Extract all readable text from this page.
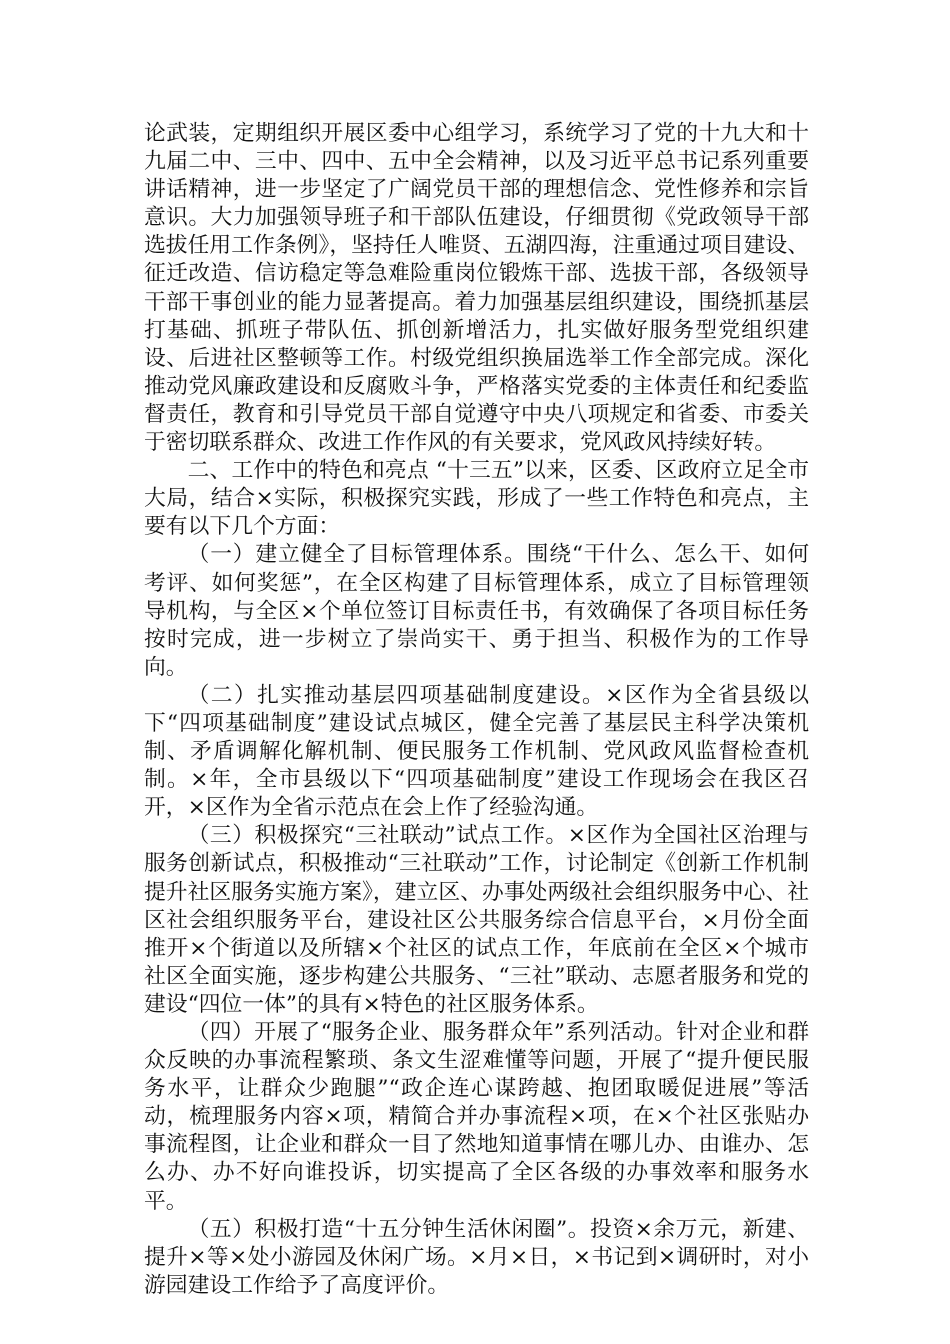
论武装，定期组织开展区委中心组学习，系统学习了党的十九大和十九届二中、三中、四中、五中全会精神，以及习近平总书记系列重要讲话精神，进一步坚定了广阔党员干部的理想信念、党性修养和宗旨意识。大力加强领导班子和干部队伍建设，仔细贯彻《党政领导干部选拔任用工作条例》，坚持任人唯贤、五湖四海，注重通过项目建设、征迁改造、信访稳定等急难险重岗位锻炼干部、选拔干部，各级领导干部干事创业的能力显著提高。着力加强基层组织建设，围绕抓基层打基础、抓班子带队伍、抓创新增活力，扎实做好服务型党组织建设、后进社区整顿等工作。村级党组织换届选举工作全部完成。深化推动党风廉政建设和反腐败斗争，严格落实党委的主体责任和纪委监督责任，教育和引导党员干部自觉遵守中央八项规定和省委、市委关于密切联系群众、改进工作作风的有关要求，党风政风持续好转。

二、工作中的特色和亮点 “十三五”以来，区委、区政府立足全市大局，结合×实际，积极探究实践，形成了一些工作特色和亮点，主要有以下几个方面：

（一）建立健全了目标管理体系。围绕“干什么、怎么干、如何考评、如何奖惩”，在全区构建了目标管理体系，成立了目标管理领导机构，与全区×个单位签订目标责任书，有效确保了各项目标任务按时完成，进一步树立了崇尚实干、勇于担当、积极作为的工作导向。

（二）扎实推动基层四项基础制度建设。×区作为全省县级以下“四项基础制度”建设试点城区，健全完善了基层民主科学决策机制、矛盾调解化解机制、便民服务工作机制、党风政风监督检查机制。×年，全市县级以下“四项基础制度”建设工作现场会在我区召开，×区作为全省示范点在会上作了经验沟通。

（三）积极探究“三社联动”试点工作。×区作为全国社区治理与服务创新试点，积极推动“三社联动”工作，讨论制定《创新工作机制提升社区服务实施方案》，建立区、办事处两级社会组织服务中心、社区社会组织服务平台，建设社区公共服务综合信息平台，×月份全面推开×个街道以及所辖×个社区的试点工作，年底前在全区×个城市社区全面实施，逐步构建公共服务、“三社”联动、志愿者服务和党的建设“四位一体”的具有×特色的社区服务体系。

（四）开展了“服务企业、服务群众年”系列活动。针对企业和群众反映的办事流程繁琐、条文生涩难懂等问题，开展了“提升便民服务水平，让群众少跑腿”“政企连心谋跨越、抱团取暖促进展”等活动，梳理服务内容×项，精简合并办事流程×项，在×个社区张贴办事流程图，让企业和群众一目了然地知道事情在哪儿办、由谁办、怎么办、办不好向谁投诉，切实提高了全区各级的办事效率和服务水平。

（五）积极打造“十五分钟生活休闲圈”。投资×余万元，新建、提升×等×处小游园及休闲广场。×月×日，×书记到×调研时，对小游园建设工作给予了高度评价。
